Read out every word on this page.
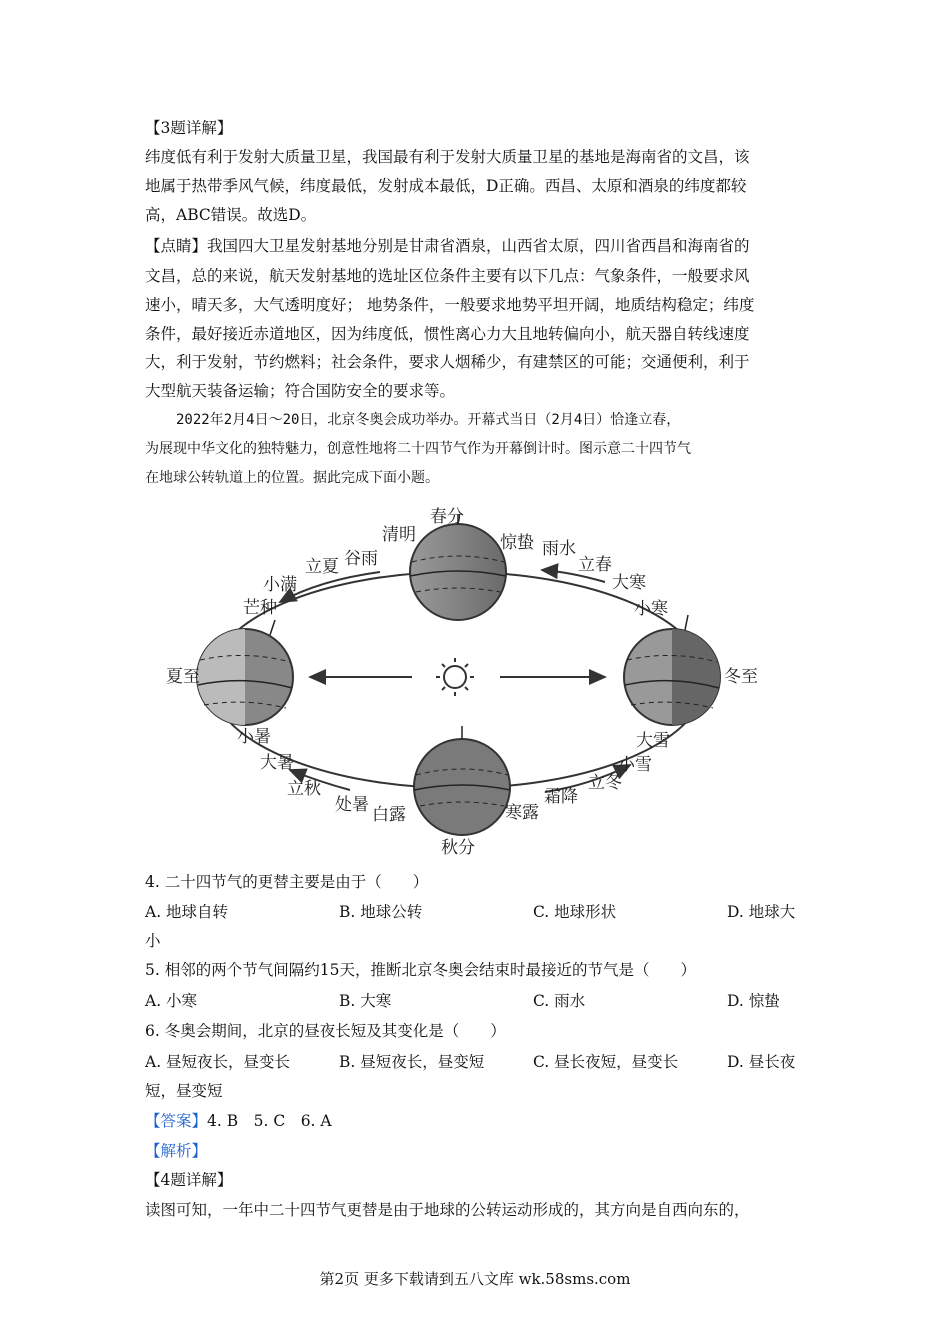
【3题详解】
纬度低有利于发射大质量卫星，我国最有利于发射大质量卫星的基地是海南省的文昌，该
地属于热带季风气候，纬度最低，发射成本最低，D正确。西昌、太原和酒泉的纬度都较
高，ABC错误。故选D。
【点睛】我国四大卫星发射基地分别是甘肃省酒泉，山西省太原，四川省西昌和海南省的
文昌，总的来说，航天发射基地的选址区位条件主要有以下几点：气象条件，一般要求风
速小，晴天多，大气透明度好； 地势条件，一般要求地势平坦开阔，地质结构稳定；纬度
条件，最好接近赤道地区，因为纬度低，惯性离心力大且地转偏向小，航天器自转线速度
大，利于发射，节约燃料；社会条件，要求人烟稀少，有建禁区的可能；交通便利，利于
大型航天装备运输；符合国防安全的要求等。
2022年2月4日～20日，北京冬奥会成功举办。开幕式当日（2月4日）恰逢立春，
为展现中华文化的独特魅力，创意性地将二十四节气作为开幕倒计时。图示意二十四节气
在地球公转轨道上的位置。据此完成下面小题。
春分
清明	惊蛰 雨水
立春
谷雨
立夏
小满
芒种
大寒
小寒
夏至	冬至
小暑
大暑
立秋
处暑 白露	寒露
霜降
立冬
小雪
大雪
秋分
4. 二十四节气的更替主要是由于（　　）
A. 地球自转	B. 地球公转	C. 地球形状	D. 地球大
小
5. 相邻的两个节气间隔约15天，推断北京冬奥会结束时最接近的节气是（　　）
A. 小寒	B. 大寒	C. 雨水	D. 惊蛰
6. 冬奥会期间，北京的昼夜长短及其变化是（　　）
A. 昼短夜长，昼变长	B. 昼短夜长，昼变短	C. 昼长夜短，昼变长	D. 昼长夜
短，昼变短
【答案】4. B　5. C　6. A
【解析】
【4题详解】
读图可知，一年中二十四节气更替是由于地球的公转运动形成的，其方向是自西向东的，
第2页 更多下载请到五八文库 wk.58sms.com
